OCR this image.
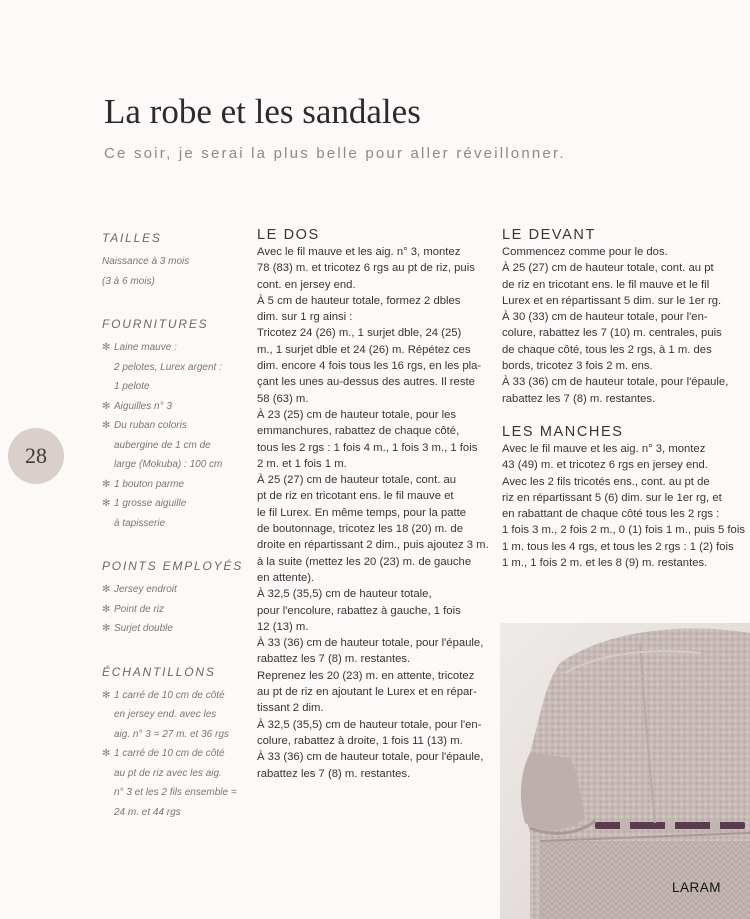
La robe et les sandales
Ce soir, je serai la plus belle pour aller réveillonner.
28
TAILLES
Naissance à 3 mois
(3 à 6 mois)
FOURNITURES
✻ Laine mauve :
2 pelotes, Lurex argent :
1 pelote
✻ Aiguilles n° 3
✻ Du ruban coloris
aubergine de 1 cm de
large (Mokuba) : 100 cm
✻ 1 bouton parme
✻ 1 grosse aiguille
à tapisserie
POINTS EMPLOYÉS
✻ Jersey endroit
✻ Point de riz
✻ Surjet double
ÉCHANTILLONS
✻ 1 carré de 10 cm de côté
en jersey end. avec les
aig. n° 3 = 27 m. et 36 rgs
✻ 1 carré de 10 cm de côté
au pt de riz avec les aig.
n° 3 et les 2 fils ensemble =
24 m. et 44 rgs
LE DOS
Avec le fil mauve et les aig. n° 3, montez
78 (83) m. et tricotez 6 rgs au pt de riz, puis
cont. en jersey end.
À 5 cm de hauteur totale, formez 2 dbles
dim. sur 1 rg ainsi :
Tricotez 24 (26) m., 1 surjet dble, 24 (25)
m., 1 surjet dble et 24 (26) m. Répétez ces
dim. encore 4 fois tous les 16 rgs, en les pla-
çant les unes au-dessus des autres. Il reste
58 (63) m.
À 23 (25) cm de hauteur totale, pour les
emmanchures, rabattez de chaque côté,
tous les 2 rgs : 1 fois 4 m., 1 fois 3 m., 1 fois
2 m. et 1 fois 1 m.
À 25 (27) cm de hauteur totale, cont. au
pt de riz en tricotant ens. le fil mauve et
le fil Lurex. En même temps, pour la patte
de boutonnage, tricotez les 18 (20) m. de
droite en répartissant 2 dim., puis ajoutez 3 m.
à la suite (mettez les 20 (23) m. de gauche
en attente).
À 32,5 (35,5) cm de hauteur totale,
pour l'encolure, rabattez à gauche, 1 fois
12 (13) m.
À 33 (36) cm de hauteur totale, pour l'épaule,
rabattez les 7 (8) m. restantes.
Reprenez les 20 (23) m. en attente, tricotez
au pt de riz en ajoutant le Lurex et en répar-
tissant 2 dim.
À 32,5 (35,5) cm de hauteur totale, pour l'en-
colure, rabattez à droite, 1 fois 11 (13) m.
À 33 (36) cm de hauteur totale, pour l'épaule,
rabattez les 7 (8) m. restantes.
LE DEVANT
Commencez comme pour le dos.
À 25 (27) cm de hauteur totale, cont. au pt
de riz en tricotant ens. le fil mauve et le fil
Lurex et en répartissant 5 dim. sur le 1er rg.
À 30 (33) cm de hauteur totale, pour l'en-
colure, rabattez les 7 (10) m. centrales, puis
de chaque côté, tous les 2 rgs, à 1 m. des
bords, tricotez 3 fois 2 m. ens.
À 33 (36) cm de hauteur totale, pour l'épaule,
rabattez les 7 (8) m. restantes.
LES MANCHES
Avec le fil mauve et les aig. n° 3, montez
43 (49) m. et tricotez 6 rgs en jersey end.
Avec les 2 fils tricotés ens., cont. au pt de
riz en répartissant 5 (6) dim. sur le 1er rg, et
en rabattant de chaque côté tous les 2 rgs :
1 fois 3 m., 2 fois 2 m., 0 (1) fois 1 m., puis 5 fois
1 m. tous les 4 rgs, et tous les 2 rgs : 1 (2) fois
1 m., 1 fois 2 m. et les 8 (9) m. restantes.
LARAM
